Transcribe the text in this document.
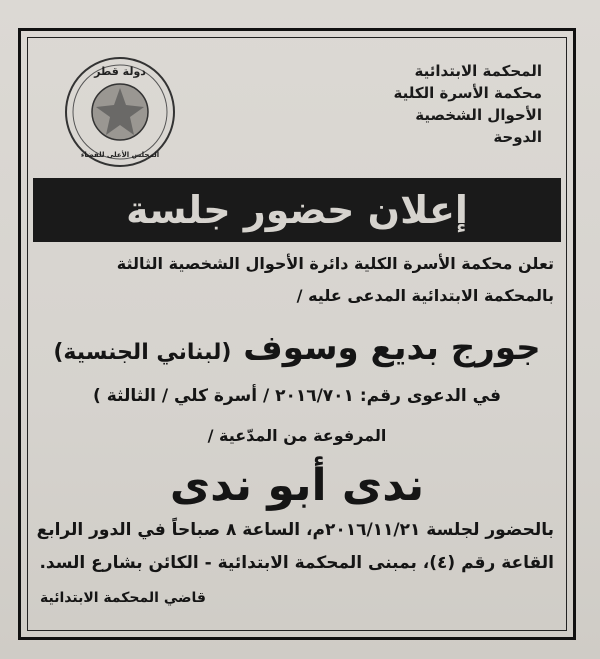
المحكمة الابتدائية
محكمة الأسرة الكلية
الأحوال الشخصية
الدوحة
دولة قطر
المجلس الأعلى للقضاء
إعلان حضور جلسة
تعلن محكمة الأسرة الكلية دائرة الأحوال الشخصية الثالثة
بالمحكمة الابتدائية المدعى عليه /
جورج بديع وسوف (لبناني الجنسية)
في الدعوى رقم: ٢٠١٦/٧٠١ / أسرة كلي / الثالثة )
المرفوعة من المدّعية /
ندى أبو ندى
بالحضور لجلسة ٢٠١٦/١١/٢١م، الساعة ٨ صباحاً في الدور الرابع
القاعة رقم (٤)، بمبنى المحكمة الابتدائية - الكائن بشارع السد.
قاضي المحكمة الابتدائية
